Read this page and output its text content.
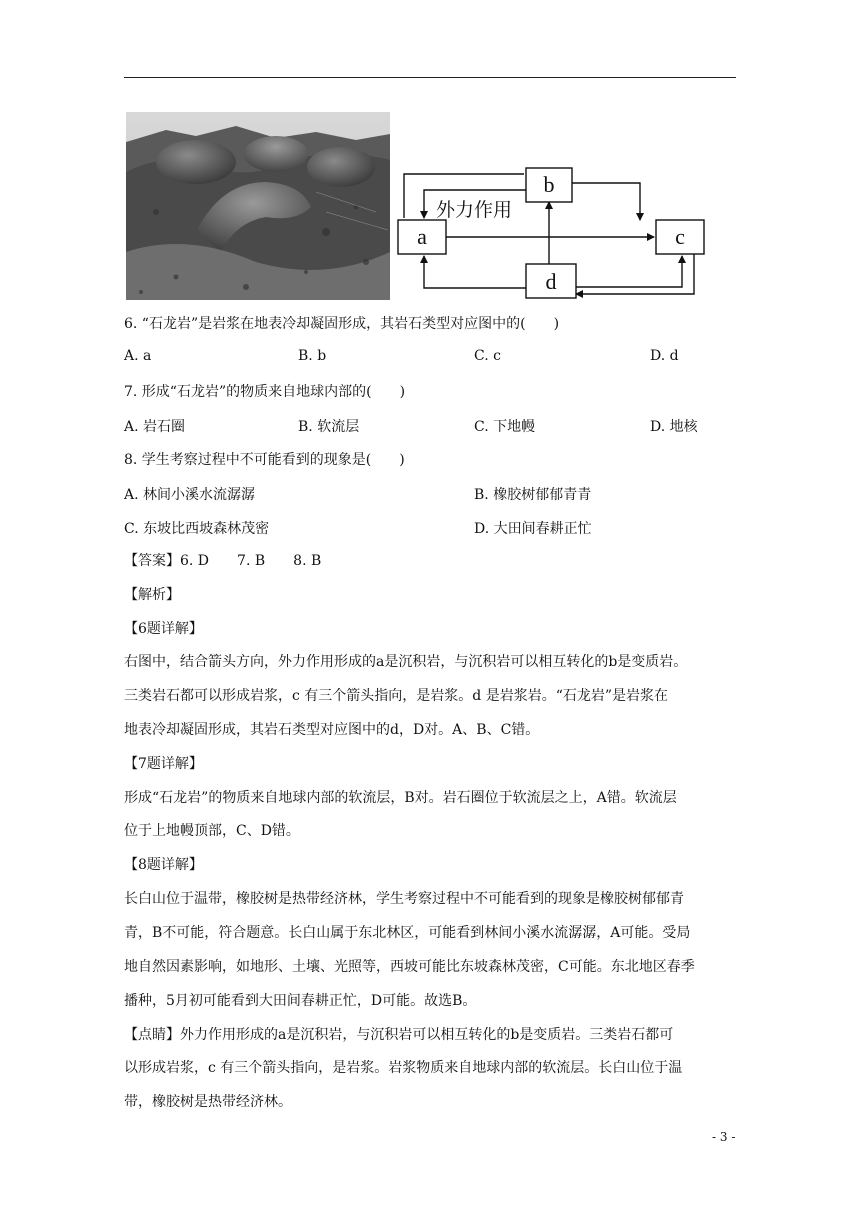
a
b
c
d
外力作用
6. “石龙岩”是岩浆在地表冷却凝固形成，其岩石类型对应图中的(　　)
A. a	B. b	C. c	D. d
7. 形成“石龙岩”的物质来自地球内部的(　　)
A. 岩石圈	B. 软流层	C. 下地幔	D. 地核
8. 学生考察过程中不可能看到的现象是(　　)
A. 林间小溪水流潺潺	B. 橡胶树郁郁青青
C. 东坡比西坡森林茂密	D. 大田间春耕正忙
【答案】6. D 7. B 8. B
【解析】
【6题详解】
右图中，结合箭头方向，外力作用形成的a是沉积岩，与沉积岩可以相互转化的b是变质岩。
三类岩石都可以形成岩浆，c 有三个箭头指向，是岩浆。d 是岩浆岩。“石龙岩”是岩浆在
地表冷却凝固形成，其岩石类型对应图中的d，D对。A、B、C错。
【7题详解】
形成“石龙岩”的物质来自地球内部的软流层，B对。岩石圈位于软流层之上，A错。软流层
位于上地幔顶部，C、D错。
【8题详解】
长白山位于温带，橡胶树是热带经济林，学生考察过程中不可能看到的现象是橡胶树郁郁青
青，B不可能，符合题意。长白山属于东北林区，可能看到林间小溪水流潺潺，A可能。受局
地自然因素影响，如地形、土壤、光照等，西坡可能比东坡森林茂密，C可能。东北地区春季
播种，5月初可能看到大田间春耕正忙，D可能。故选B。
【点睛】外力作用形成的a是沉积岩，与沉积岩可以相互转化的b是变质岩。三类岩石都可
以形成岩浆，c 有三个箭头指向，是岩浆。岩浆物质来自地球内部的软流层。长白山位于温
带，橡胶树是热带经济林。
- 3 -
